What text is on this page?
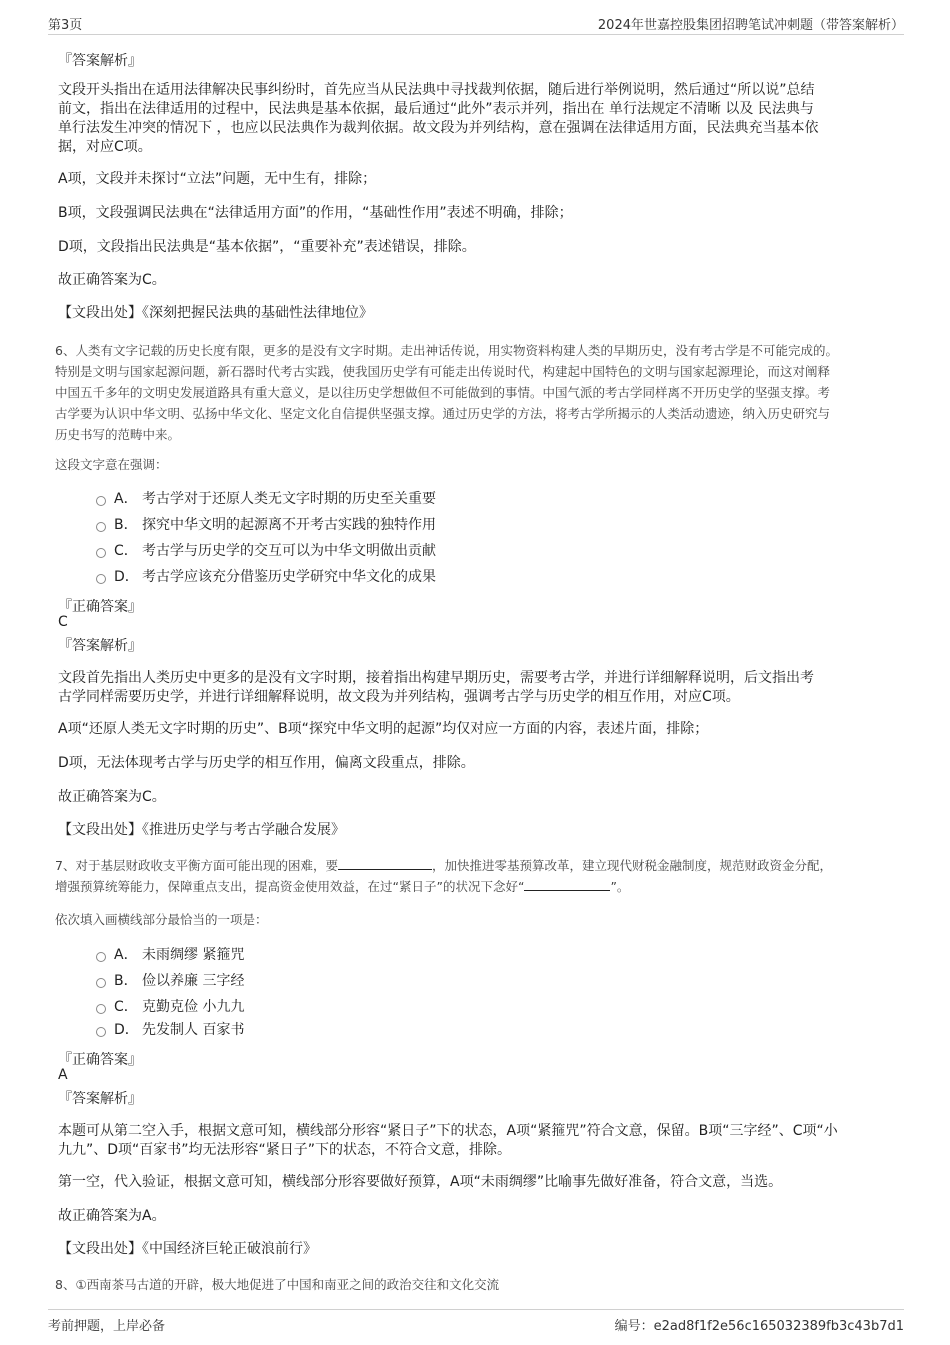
第3页	2024年世嘉控股集团招聘笔试冲刺题（带答案解析）
『答案解析』
文段开头指出在适用法律解决民事纠纷时，首先应当从民法典中寻找裁判依据，随后进行举例说明，然后通过“所以说”总结
前文，指出在法律适用的过程中，民法典是基本依据，最后通过“此外”表示并列，指出在 单行法规定不清晰 以及 民法典与
单行法发生冲突的情况下 ，也应以民法典作为裁判依据。故文段为并列结构，意在强调在法律适用方面，民法典充当基本依
据，对应C项。
A项，文段并未探讨“立法”问题，无中生有，排除；
B项，文段强调民法典在“法律适用方面”的作用，“基础性作用”表述不明确，排除；
D项，文段指出民法典是“基本依据”，“重要补充”表述错误，排除。
故正确答案为C。
【文段出处】《深刻把握民法典的基础性法律地位》
6、人类有文字记载的历史长度有限，更多的是没有文字时期。走出神话传说，用实物资料构建人类的早期历史，没有考古学是不可能完成的。
特别是文明与国家起源问题，新石器时代考古实践，使我国历史学有可能走出传说时代，构建起中国特色的文明与国家起源理论，而这对阐释
中国五千多年的文明史发展道路具有重大意义，是以往历史学想做但不可能做到的事情。中国气派的考古学同样离不开历史学的坚强支撑。考
古学要为认识中华文明、弘扬中华文化、坚定文化自信提供坚强支撑。通过历史学的方法，将考古学所揭示的人类活动遗迹，纳入历史研究与
历史书写的范畴中来。
这段文字意在强调：
A． 考古学对于还原人类无文字时期的历史至关重要
B． 探究中华文明的起源离不开考古实践的独特作用
C． 考古学与历史学的交互可以为中华文明做出贡献
D． 考古学应该充分借鉴历史学研究中华文化的成果
『正确答案』
C
『答案解析』
文段首先指出人类历史中更多的是没有文字时期，接着指出构建早期历史，需要考古学，并进行详细解释说明，后文指出考
古学同样需要历史学，并进行详细解释说明，故文段为并列结构，强调考古学与历史学的相互作用，对应C项。
A项“还原人类无文字时期的历史”、B项“探究中华文明的起源”均仅对应一方面的内容，表述片面，排除；
D项，无法体现考古学与历史学的相互作用，偏离文段重点，排除。
故正确答案为C。
【文段出处】《推进历史学与考古学融合发展》
7、对于基层财政收支平衡方面可能出现的困难，要	，加快推进零基预算改革，建立现代财税金融制度，规范财政资金分配，
增强预算统筹能力，保障重点支出，提高资金使用效益，在过“紧日子”的状况下念好“	”。
依次填入画横线部分最恰当的一项是：
A． 未雨绸缪 紧箍咒
B． 俭以养廉 三字经
C． 克勤克俭 小九九
D． 先发制人 百家书
『正确答案』
A
『答案解析』
本题可从第二空入手，根据文意可知，横线部分形容“紧日子”下的状态，A项“紧箍咒”符合文意，保留。B项“三字经”、C项“小
九九”、D项“百家书”均无法形容“紧日子”下的状态，不符合文意，排除。
第一空，代入验证，根据文意可知，横线部分形容要做好预算，A项“未雨绸缪”比喻事先做好准备，符合文意，当选。
故正确答案为A。
【文段出处】《中国经济巨轮正破浪前行》
8、①西南茶马古道的开辟，极大地促进了中国和南亚之间的政治交往和文化交流
考前押题，上岸必备	编号：e2ad8f1f2e56c165032389fb3c43b7d1
